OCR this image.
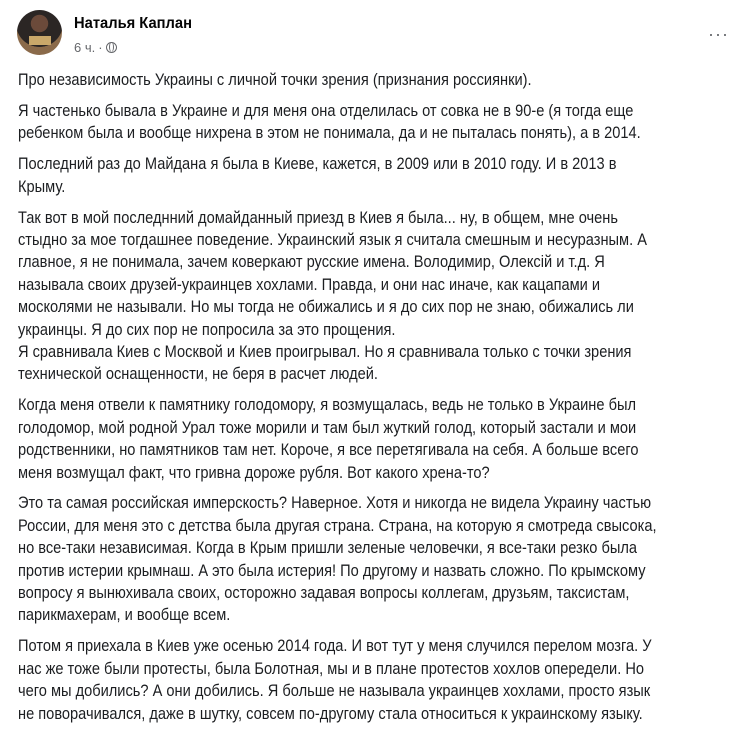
Наталья Каплан
6 ч. ·
···
Про независимость Украины с личной точки зрения (признания россиянки).
Я частенько бывала в Украине и для меня она отделилась от совка не в 90-е (я тогда еще
ребенком была и вообще нихрена в этом не понимала, да и не пыталась понять), а в 2014.
Последний раз до Майдана я была в Киеве, кажется, в 2009 или в 2010 году. И в 2013 в
Крыму.
Так вот в мой последнний домайданный приезд в Киев я была... ну, в общем, мне очень
стыдно за мое тогдашнее поведение. Украинский язык я считала смешным и несуразным. А
главное, я не понимала, зачем коверкают русские имена. Володимир, Олексій и т.д. Я
называла своих друзей-украинцев хохлами. Правда, и они нас иначе, как кацапами и
москолями не называли. Но мы тогда не обижались и я до сих пор не знаю, обижались ли
украинцы. Я до сих пор не попросила за это прощения.
Я сравнивала Киев с Москвой и Киев проигрывал. Но я сравнивала только с точки зрения
технической оснащенности, не беря в расчет людей.
Когда меня отвели к памятнику голодомору, я возмущалась, ведь не только в Украине был
голодомор, мой родной Урал тоже морили и там был жуткий голод, который застали и мои
родственники, но памятников там нет. Короче, я все перетягивала на себя. А больше всего
меня возмущал факт, что гривна дороже рубля. Вот какого хрена-то?
Это та самая российская имперскость? Наверное. Хотя и никогда не видела Украину частью
России, для меня это с детства была другая страна. Страна, на которую я смотреда свысока,
но все-таки независимая. Когда в Крым пришли зеленые человечки, я все-таки резко была
против истерии крымнаш. А это была истерия! По другому и назвать сложно. По крымскому
вопросу я вынюхивала своих, осторожно задавая вопросы коллегам, друзьям, таксистам,
парикмахерам, и вообще всем.
Потом я приехала в Киев уже осенью 2014 года. И вот тут у меня случился перелом мозга. У
нас же тоже были протесты, была Болотная, мы и в плане протестов хохлов опередели. Но
чего мы добились? А они добились. Я больше не называла украинцев хохлами, просто язык
не поворачивался, даже в шутку, совсем по-другому стала относиться к украинскому языку.
